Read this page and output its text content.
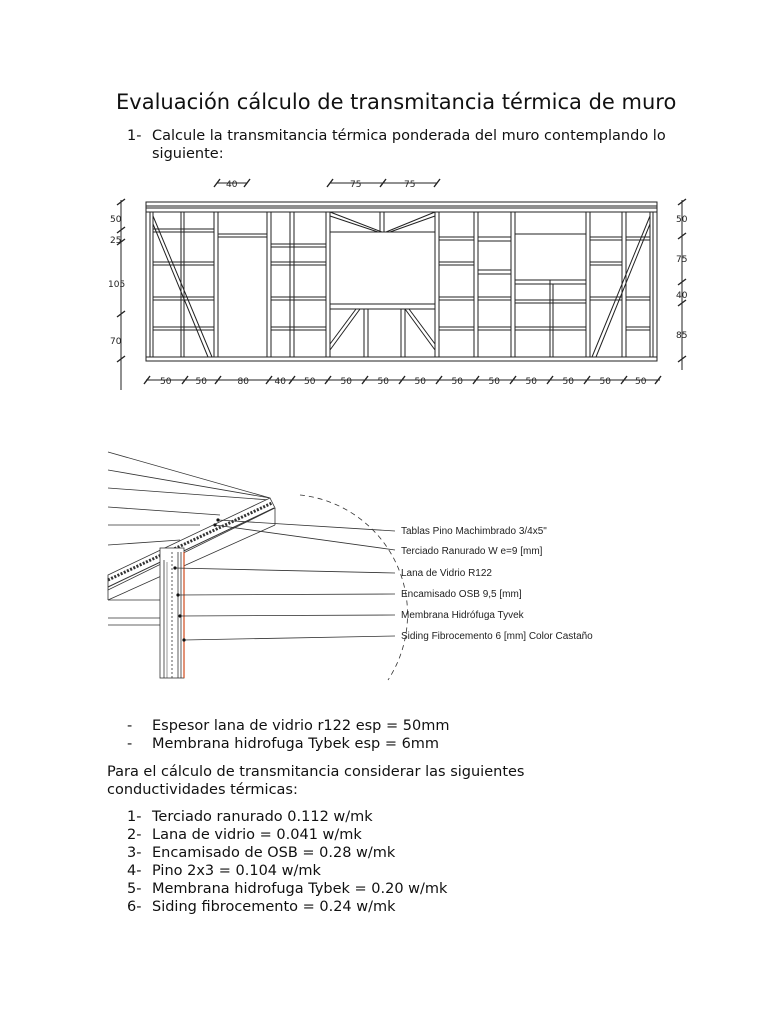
Evaluación cálculo de transmitancia térmica de muro
1- Calcule la transmitancia térmica ponderada del muro contemplando lo siguiente:
40	75	75
50
25
105
70
50
75
40
85
50	50	80	40 50	50	50	50	50	50	50	50	50	50
Tablas Pino Machimbrado 3/4x5"
Terciado Ranurado W e=9 [mm]
Lana de Vidrio R122
Encamisado OSB 9,5 [mm]
Membrana Hidrófuga Tyvek
Siding Fibrocemento 6 [mm] Color Castaño
- Espesor lana de vidrio r122 esp = 50mm
- Membrana hidrofuga Tybek esp = 6mm
Para el cálculo de transmitancia considerar las siguientes conductividades térmicas:
1- Terciado ranurado 0.112 w/mk
2- Lana de vidrio = 0.041 w/mk
3- Encamisado de OSB = 0.28 w/mk
4- Pino 2x3 = 0.104 w/mk
5- Membrana hidrofuga Tybek = 0.20 w/mk
6- Siding fibrocemento = 0.24 w/mk
